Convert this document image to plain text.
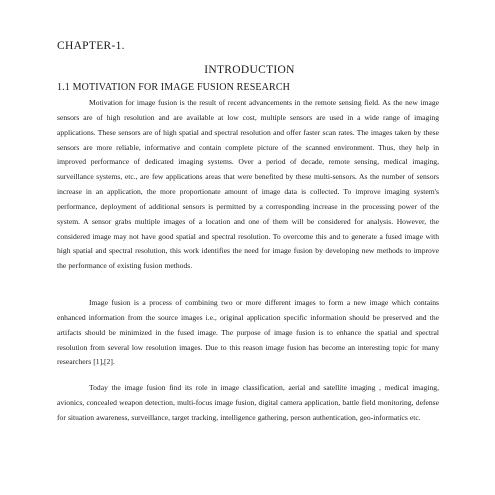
CHAPTER-1.
INTRODUCTION
1.1 MOTIVATION FOR IMAGE FUSION RESEARCH

Motivation for image fusion is the result of recent advancements in the remote sensing field. As the new image sensors are of high resolution and are available at low cost, multiple sensors are used in a wide range of imaging applications. These sensors are of high spatial and spectral resolution and offer faster scan rates. The images taken by these sensors are more reliable, informative and contain complete picture of the scanned environment. Thus, they help in improved performance of dedicated imaging systems. Over a period of decade, remote sensing, medical imaging, surveillance systems, etc., are few applications areas that were benefited by these multi-sensors. As the number of sensors increase in an application, the more proportionate amount of image data is collected. To improve imaging system's performance, deployment of additional sensors is permitted by a corresponding increase in the processing power of the system. A sensor grabs multiple images of a location and one of them will be considered for analysis. However, the considered image may not have good spatial and spectral resolution. To overcome this and to generate a fused image with high spatial and spectral resolution, this work identifies the need for image fusion by developing new methods to improve the performance of existing fusion methods.

Image fusion is a process of combining two or more different images to form a new image which contains enhanced information from the source images i.e., original application specific information should be preserved and the artifacts should be minimized in the fused image. The purpose of image fusion is to enhance the spatial and spectral resolution from several low resolution images. Due to this reason image fusion has become an interesting topic for many researchers [1],[2].

Today the image fusion find its role in image classification, aerial and satellite imaging , medical imaging, avionics, concealed weapon detection, multi-focus image fusion, digital camera application, battle field monitoring, defense for situation awareness, surveillance, target tracking, intelligence gathering, person authentication, geo-informatics etc.
